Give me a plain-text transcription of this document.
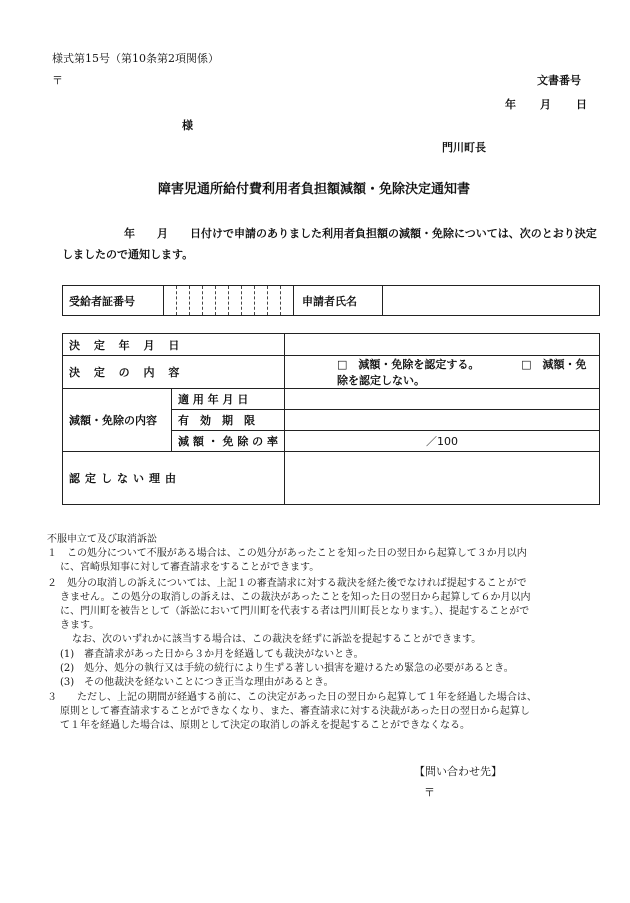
様式第15号（第10条第2項関係）
〒	文書番号
年 月 日
様
門川町長
障害児通所給付費利用者負担額減額・免除決定通知書
年　　月　　日付けで申請のありました利用者負担額の減額・免除については、次のとおり決定
しましたので通知します。
受給者証番号											申請者氏名	
決 定 年 月 日		
決 定 の 内 容		□　減額・免除を認定する。 □　減額・免除を認定しない。
減額・免除の内容	適 用 年 月 日	
	有　効　期　限	
	減 額 ・ 免 除 の 率	／100
認定しない理由		
不服申立て及び取消訴訟
１　この処分について不服がある場合は、この処分があったことを知った日の翌日から起算して３か月以内
に、宮崎県知事に対して審査請求をすることができます。
２　処分の取消しの訴えについては、上記１の審査請求に対する裁決を経た後でなければ提起することがで
きません。この処分の取消しの訴えは、この裁決があったことを知った日の翌日から起算して６か月以内
に、門川町を被告として（訴訟において門川町を代表する者は門川町長となります。）、提起することがで
きます。
なお、次のいずれかに該当する場合は、この裁決を経ずに訴訟を提起することができます。
(1)　審査請求があった日から３か月を経過しても裁決がないとき。
(2)　処分、処分の執行又は手続の続行により生ずる著しい損害を避けるため緊急の必要があるとき。
(3)　その他裁決を経ないことにつき正当な理由があるとき。
３　　ただし、上記の期間が経過する前に、この決定があった日の翌日から起算して１年を経過した場合は、
原則として審査請求することができなくなり、また、審査請求に対する決裁があった日の翌日から起算し
て１年を経過した場合は、原則として決定の取消しの訴えを提起することができなくなる。
【問い合わせ先】
〒
